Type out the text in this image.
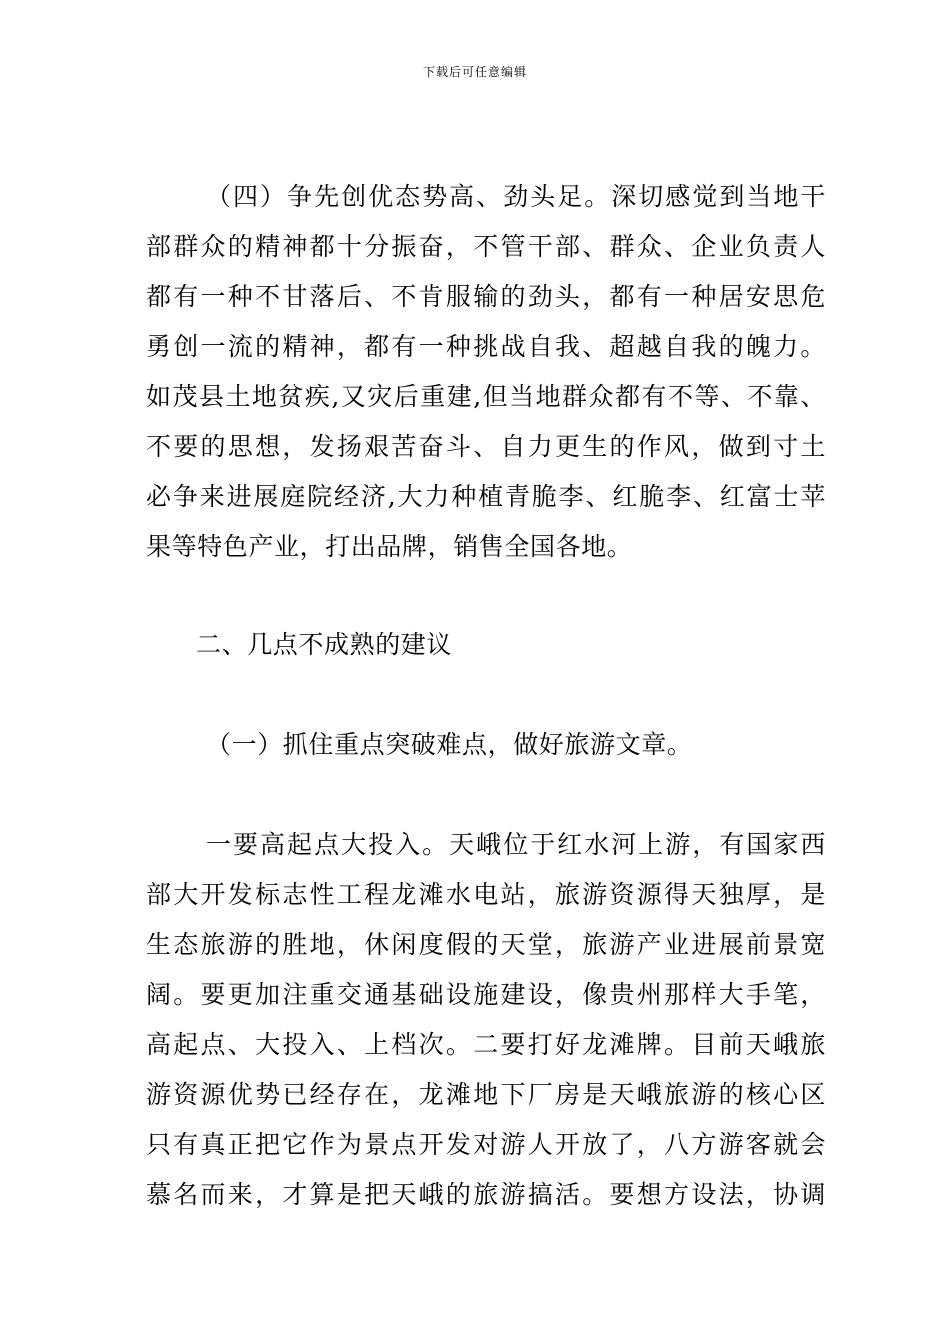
下载后可任意编辑
（四）争先创优态势高、劲头足。深切感觉到当地干
部群众的精神都十分振奋，不管干部、群众、企业负责人
都有一种不甘落后、不肯服输的劲头，都有一种居安思危
勇创一流的精神，都有一种挑战自我、超越自我的魄力。
如茂县土地贫疾,又灾后重建,但当地群众都有不等、不靠、
不要的思想，发扬艰苦奋斗、自力更生的作风，做到寸土
必争来进展庭院经济,大力种植青脆李、红脆李、红富士苹
果等特色产业，打出品牌，销售全国各地。
二、几点不成熟的建议
（一）抓住重点突破难点，做好旅游文章。
一要高起点大投入。天峨位于红水河上游，有国家西
部大开发标志性工程龙滩水电站，旅游资源得天独厚，是
生态旅游的胜地，休闲度假的天堂，旅游产业进展前景宽
阔。要更加注重交通基础设施建设，像贵州那样大手笔，
高起点、大投入、上档次。二要打好龙滩牌。目前天峨旅
游资源优势已经存在，龙滩地下厂房是天峨旅游的核心区
只有真正把它作为景点开发对游人开放了，八方游客就会
慕名而来，才算是把天峨的旅游搞活。要想方设法，协调
